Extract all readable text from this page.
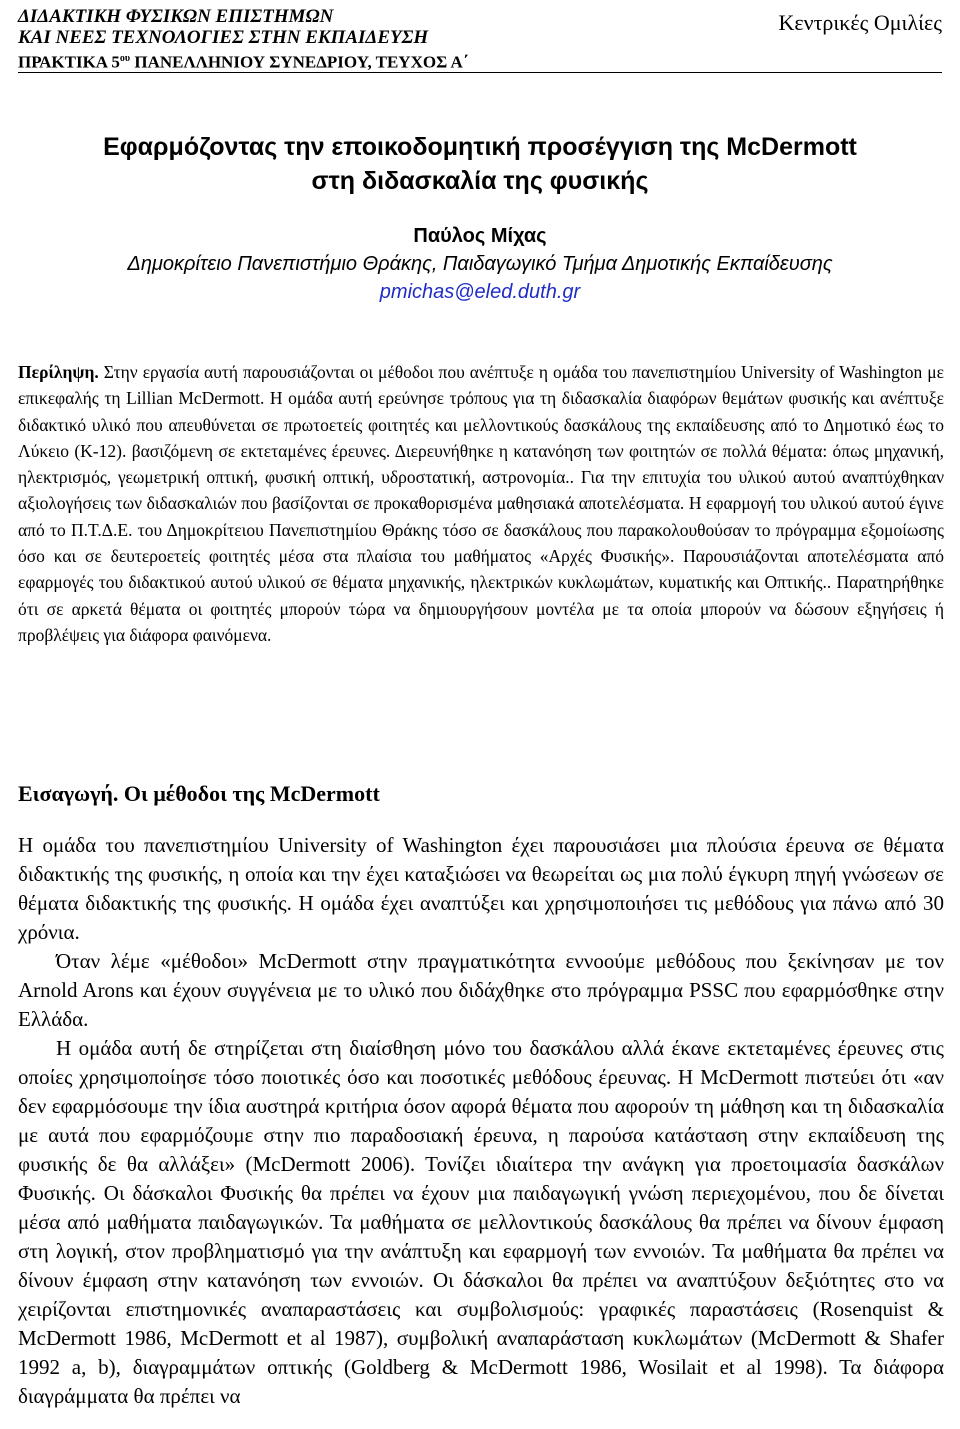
ΔΙΔΑΚΤΙΚΗ ΦΥΣΙΚΩΝ ΕΠΙΣΤΗΜΩΝ
ΚΑΙ ΝΕΕΣ ΤΕΧΝΟΛΟΓΙΕΣ ΣΤΗΝ ΕΚΠΑΙΔΕΥΣΗ
ΠΡΑΚΤΙΚΑ $5^{o\upsilon}$ ΠΑΝΕΛΛΗΝΙΟΥ ΣΥΝΕΔΡΙΟΥ, ΤΕΥΧΟΣ Α΄
Κεντρικές Ομιλίες
Εφαρμόζοντας την εποικοδομητική προσέγγιση της McDermott
στη διδασκαλία της φυσικής
Παύλος Μίχας
Δημοκρίτειο Πανεπιστήμιο Θράκης, Παιδαγωγικό Τμήμα Δημοτικής Εκπαίδευσης
pmichas@eled.duth.gr
Περίληψη. Στην εργασία αυτή παρουσιάζονται οι μέθοδοι που ανέπτυξε η ομάδα του πανεπιστημίου University of Washington με επικεφαλής τη Lillian McDermott. Η ομάδα αυτή ερεύνησε τρόπους για τη διδασκαλία διαφόρων θεμάτων φυσικής και ανέπτυξε διδακτικό υλικό που απευθύνεται σε πρωτοετείς φοιτητές και μελλοντικούς δασκάλους της εκπαίδευσης από το Δημοτικό έως το Λύκειο (K-12). βασιζόμενη σε εκτεταμένες έρευνες. Διερευνήθηκε η κατανόηση των φοιτητών σε πολλά θέματα: όπως μηχανική, ηλεκτρισμός, γεωμετρική οπτική, φυσική οπτική, υδροστατική, αστρονομία.. Για την επιτυχία του υλικού αυτού αναπτύχθηκαν αξιολογήσεις των διδασκαλιών που βασίζονται σε προκαθορισμένα μαθησιακά αποτελέσματα. Η εφαρμογή του υλικού αυτού έγινε από το Π.Τ.Δ.Ε. του Δημοκρίτειου Πανεπιστημίου Θράκης τόσο σε δασκάλους που παρακολουθούσαν το πρόγραμμα εξομοίωσης όσο και σε δευτεροετείς φοιτητές μέσα στα πλαίσια του μαθήματος «Αρχές Φυσικής». Παρουσιάζονται αποτελέσματα από εφαρμογές του διδακτικού αυτού υλικού σε θέματα μηχανικής, ηλεκτρικών κυκλωμάτων, κυματικής και Οπτικής.. Παρατηρήθηκε ότι σε αρκετά θέματα οι φοιτητές μπορούν τώρα να δημιουργήσουν μοντέλα με τα οποία μπορούν να δώσουν εξηγήσεις ή προβλέψεις για διάφορα φαινόμενα.
Εισαγωγή. Οι μέθοδοι της McDermott

Η ομάδα του πανεπιστημίου University of Washington έχει παρουσιάσει μια πλούσια έρευνα σε θέματα διδακτικής της φυσικής, η οποία και την έχει καταξιώσει να θεωρείται ως μια πολύ έγκυρη πηγή γνώσεων σε θέματα διδακτικής της φυσικής. Η ομάδα έχει αναπτύξει και χρησιμοποιήσει τις μεθόδους για πάνω από 30 χρόνια.

Όταν λέμε «μέθοδοι» McDermott στην πραγματικότητα εννοούμε μεθόδους που ξεκίνησαν με τον Arnold Arons και έχουν συγγένεια με το υλικό που διδάχθηκε στο πρόγραμμα PSSC που εφαρμόσθηκε στην Ελλάδα.

Η ομάδα αυτή δε στηρίζεται στη διαίσθηση μόνο του δασκάλου αλλά έκανε εκτεταμένες έρευνες στις οποίες χρησιμοποίησε τόσο ποιοτικές όσο και ποσοτικές μεθόδους έρευνας. Η McDermott πιστεύει ότι «αν δεν εφαρμόσουμε την ίδια αυστηρά κριτήρια όσον αφορά θέματα που αφορούν τη μάθηση και τη διδασκαλία με αυτά που εφαρμόζουμε στην πιο παραδοσιακή έρευνα, η παρούσα κατάσταση στην εκπαίδευση της φυσικής δε θα αλλάξει» (McDermott 2006). Τονίζει ιδιαίτερα την ανάγκη για προετοιμασία δασκάλων Φυσικής. Οι δάσκαλοι Φυσικής θα πρέπει να έχουν μια παιδαγωγική γνώση περιεχομένου, που δε δίνεται μέσα από μαθήματα παιδαγωγικών. Τα μαθήματα σε μελλοντικούς δασκάλους θα πρέπει να δίνουν έμφαση στη λογική, στον προβληματισμό για την ανάπτυξη και εφαρμογή των εννοιών. Τα μαθήματα θα πρέπει να δίνουν έμφαση στην κατανόηση των εννοιών. Οι δάσκαλοι θα πρέπει να αναπτύξουν δεξιότητες στο να χειρίζονται επιστημονικές αναπαραστάσεις και συμβολισμούς: γραφικές παραστάσεις (Rosenquist & McDermott 1986, McDermott et al 1987), συμβολική αναπαράσταση κυκλωμάτων (McDermott & Shafer 1992 a, b), διαγραμμάτων οπτικής (Goldberg & McDermott 1986, Wosilait et al 1998). Τα διάφορα διαγράμματα θα πρέπει να
